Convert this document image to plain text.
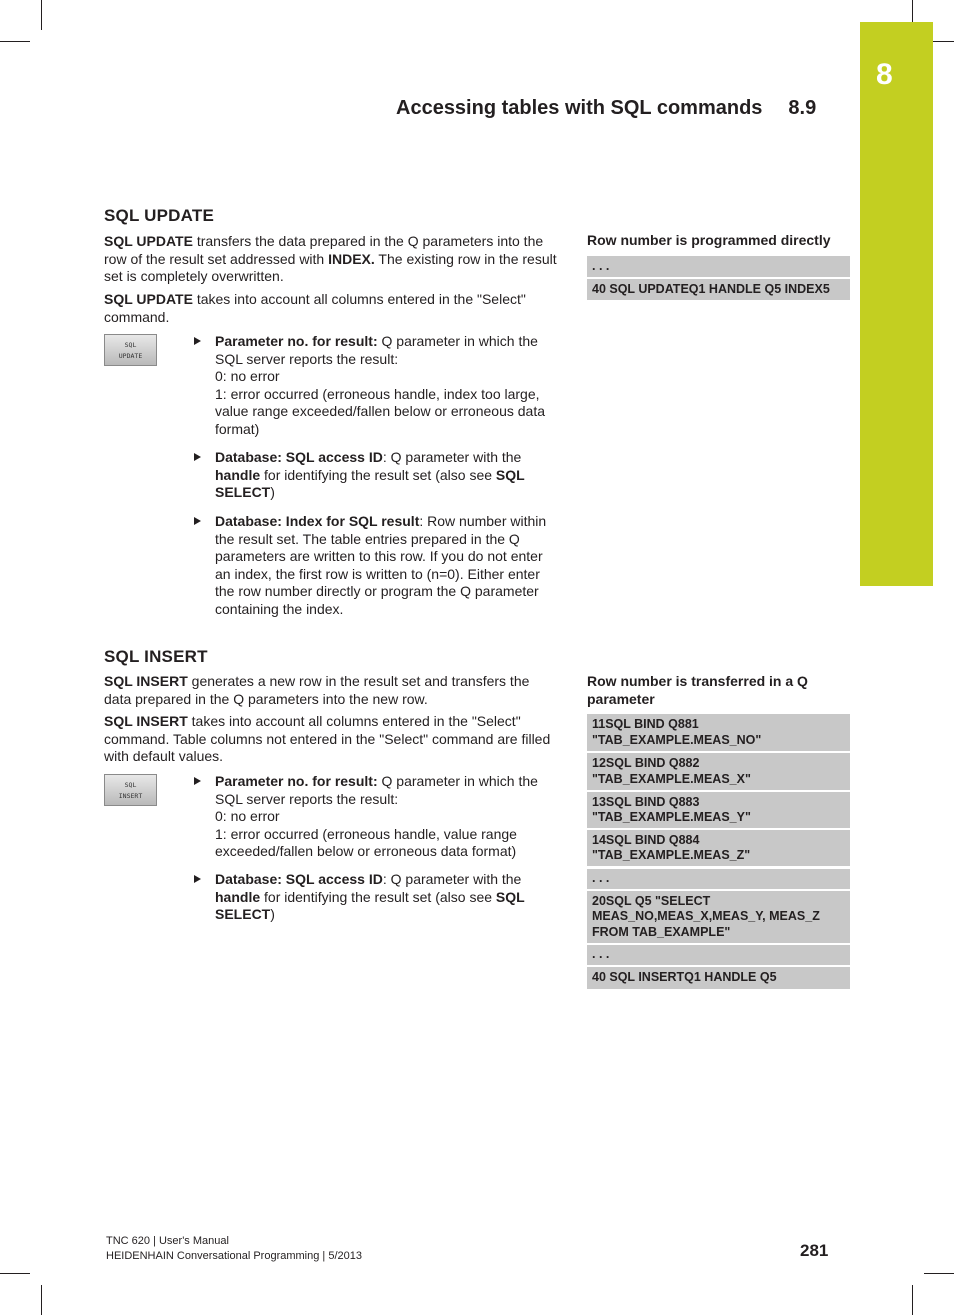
8
Accessing tables with SQL commands 8.9
SQL UPDATE

SQL UPDATE transfers the data prepared in the Q parameters into the row of the result set addressed with INDEX. The existing row in the result set is completely overwritten.

SQL UPDATE takes into account all columns entered in the "Select" command.

SQL
UPDATE
Parameter no. for result: Q parameter in which the SQL server reports the result:
0: no error
1: error occurred (erroneous handle, index too large, value range exceeded/fallen below or erroneous data format)
Database: SQL access ID: Q parameter with the handle for identifying the result set (also see SQL SELECT)
Database: Index for SQL result: Row number within the result set. The table entries prepared in the Q parameters are written to this row. If you do not enter an index, the first row is written to (n=0). Either enter the row number directly or program the Q parameter containing the index.
Row number is programmed directly
. . .
40 SQL UPDATEQ1 HANDLE Q5 INDEX5
SQL INSERT

SQL INSERT generates a new row in the result set and transfers the data prepared in the Q parameters into the new row.

SQL INSERT takes into account all columns entered in the "Select" command. Table columns not entered in the "Select" command are filled with default values.

SQL
INSERT
Parameter no. for result: Q parameter in which the SQL server reports the result:
0: no error
1: error occurred (erroneous handle, value range exceeded/fallen below or erroneous data format)
Database: SQL access ID: Q parameter with the handle for identifying the result set (also see SQL SELECT)
Row number is transferred in a Q parameter
11SQL BIND Q881
"TAB_EXAMPLE.MEAS_NO"
12SQL BIND Q882
"TAB_EXAMPLE.MEAS_X"
13SQL BIND Q883
"TAB_EXAMPLE.MEAS_Y"
14SQL BIND Q884
"TAB_EXAMPLE.MEAS_Z"
. . .
20SQL Q5 "SELECT
MEAS_NO,MEAS_X,MEAS_Y, MEAS_Z
FROM TAB_EXAMPLE"
. . .
40 SQL INSERTQ1 HANDLE Q5
TNC 620 | User's Manual
HEIDENHAIN Conversational Programming | 5/2013	281
